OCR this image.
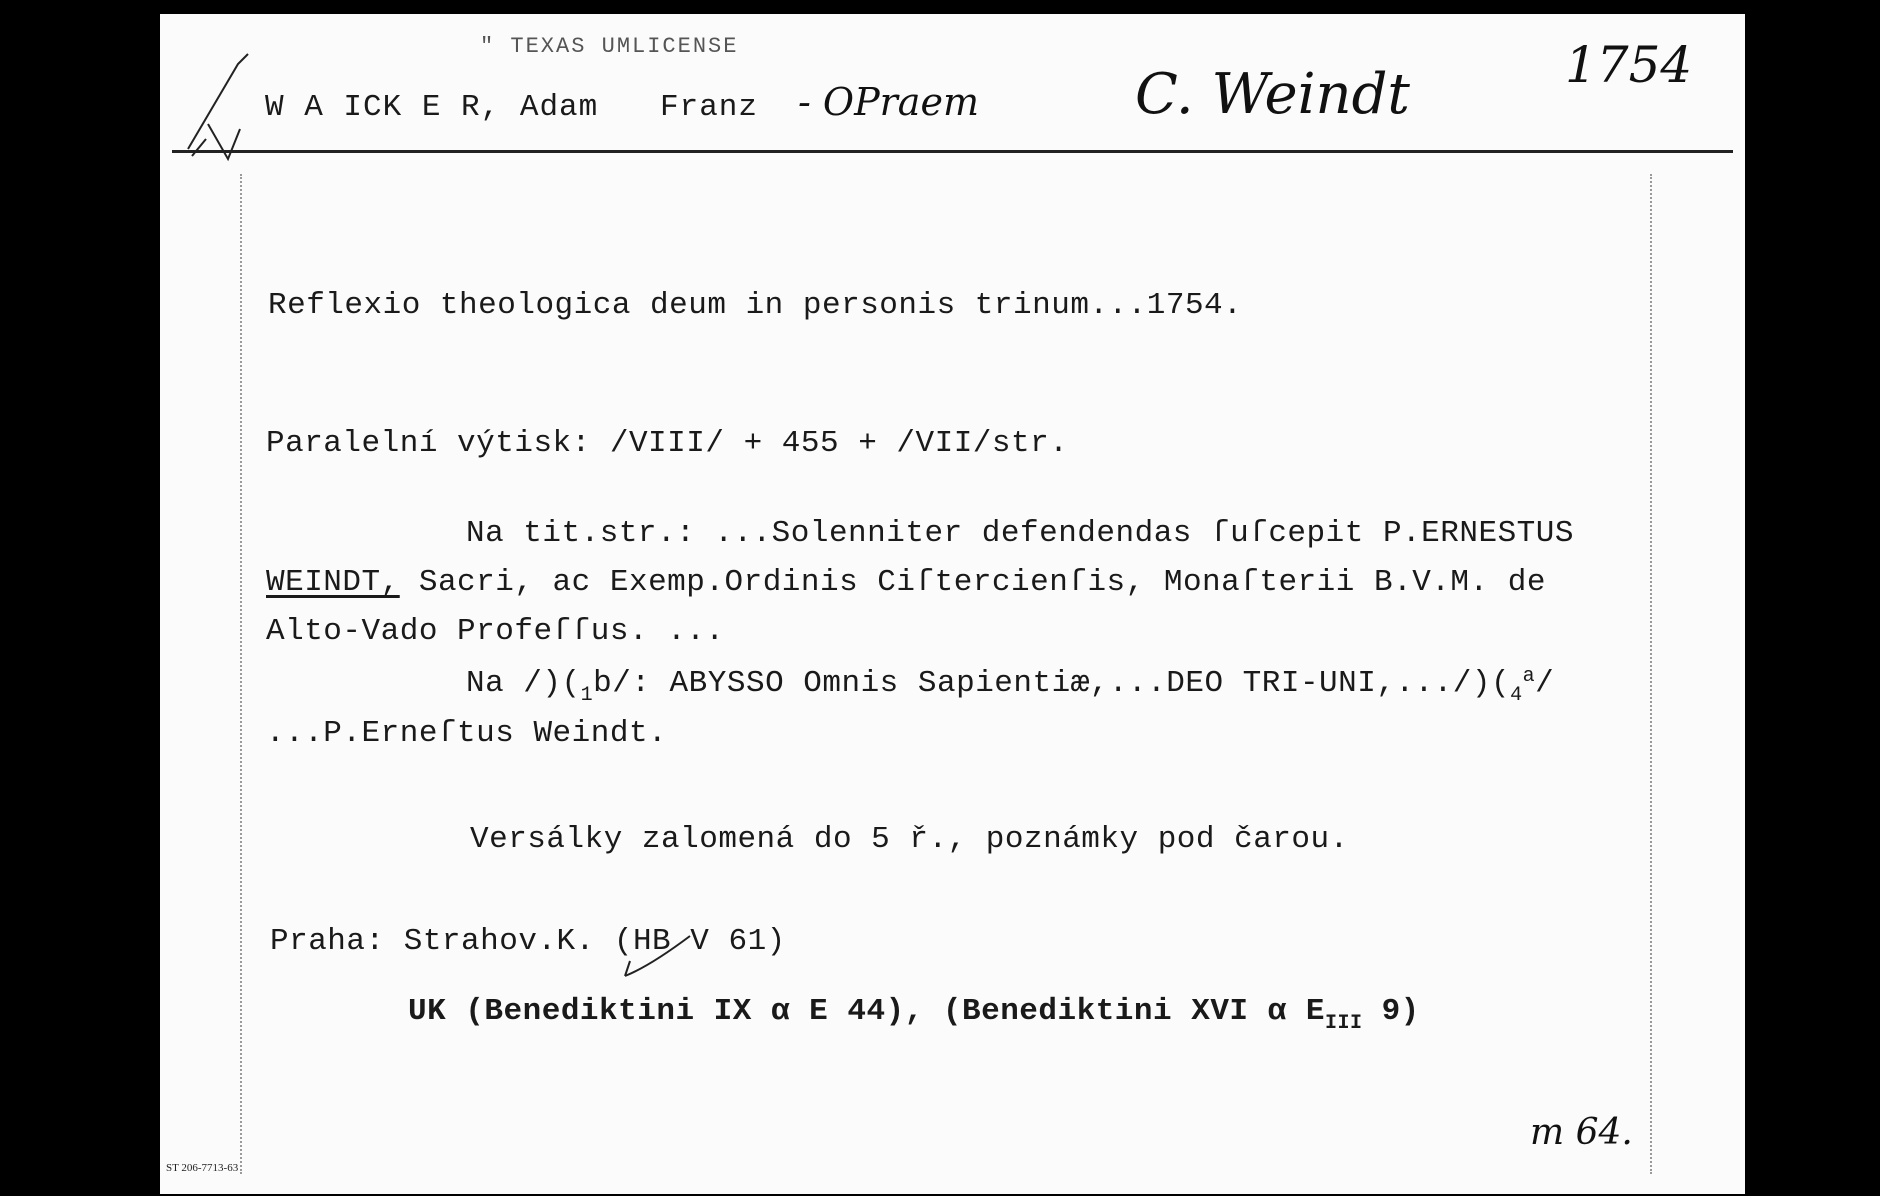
" TEXAS UMLICENSE
W A ICK E R, Adam Franz - OPraem	C. Weindt	1754
Reflexio theologica deum in personis trinum...1754.
Paralelní výtisk: /VIII/ + 455 + /VII/str.
Na tit.str.: ...Solenniter defendendas ſuſcepit P.ERNESTUS
WEINDT, Sacri, ac Exemp.Ordinis Ciſtercienſis, Monaſterii B.V.M. de
Alto-Vado Profeſſus. ...
Na $/)(_1b/$: ABYSSO Omnis Sapientiæ,...DEO TRI-$UNI,.../)(_4^a/$
...P.Erneſtus Weindt.
Versálky zalomená do 5 ř., poznámky pod čarou.
Praha: Strahov.K. (HB V 61)
UK (Benediktini IX α E 44), (Benediktini XVI α $E_{III}$ 9)
m 64.
ST 206-7713-63
